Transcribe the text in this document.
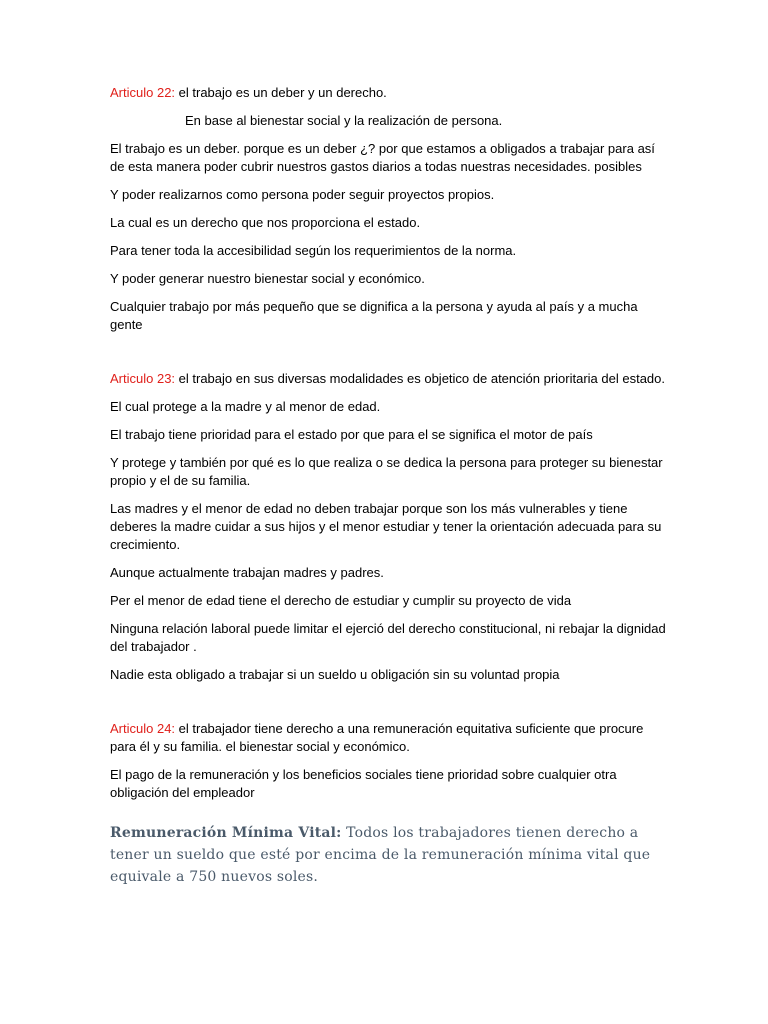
Articulo 22: el trabajo es un deber y un derecho.

En base al bienestar social y la realización de persona.

El trabajo es un deber. porque es un deber ¿? por que estamos a obligados a trabajar para así de esta manera poder cubrir nuestros gastos diarios a todas nuestras necesidades. posibles

Y poder realizarnos como persona poder seguir proyectos propios.

La cual es un derecho que nos proporciona el estado.

Para tener toda la accesibilidad según los requerimientos de la norma.

Y poder generar nuestro bienestar social y económico.

Cualquier trabajo por más pequeño que se dignifica a la persona y ayuda al país y a mucha gente

Articulo 23: el trabajo en sus diversas modalidades es objetico de atención prioritaria del estado.

El cual protege a la madre y al menor de edad.

El trabajo tiene prioridad para el estado por que para el se significa el motor de país

Y protege y también por qué es lo que realiza o se dedica la persona para proteger su bienestar propio y el de su familia.

Las madres y el menor de edad no deben trabajar porque son los más vulnerables y tiene deberes la madre cuidar a sus hijos y el menor estudiar y tener la orientación adecuada para su crecimiento.

Aunque actualmente trabajan madres y padres.

Per el menor de edad tiene el derecho de estudiar y cumplir su proyecto de vida

Ninguna relación laboral puede limitar el ejerció del derecho constitucional, ni rebajar la dignidad del trabajador .

Nadie esta obligado a trabajar si un sueldo u obligación sin su voluntad propia

Articulo 24: el trabajador tiene derecho a una remuneración equitativa suficiente que procure para él y su familia. el bienestar social y económico.

El pago de la remuneración y los beneficios sociales tiene prioridad sobre cualquier otra obligación del empleador

Remuneración Mínima Vital: Todos los trabajadores tienen derecho a tener un sueldo que esté por encima de la remuneración mínima vital que equivale a 750 nuevos soles.
